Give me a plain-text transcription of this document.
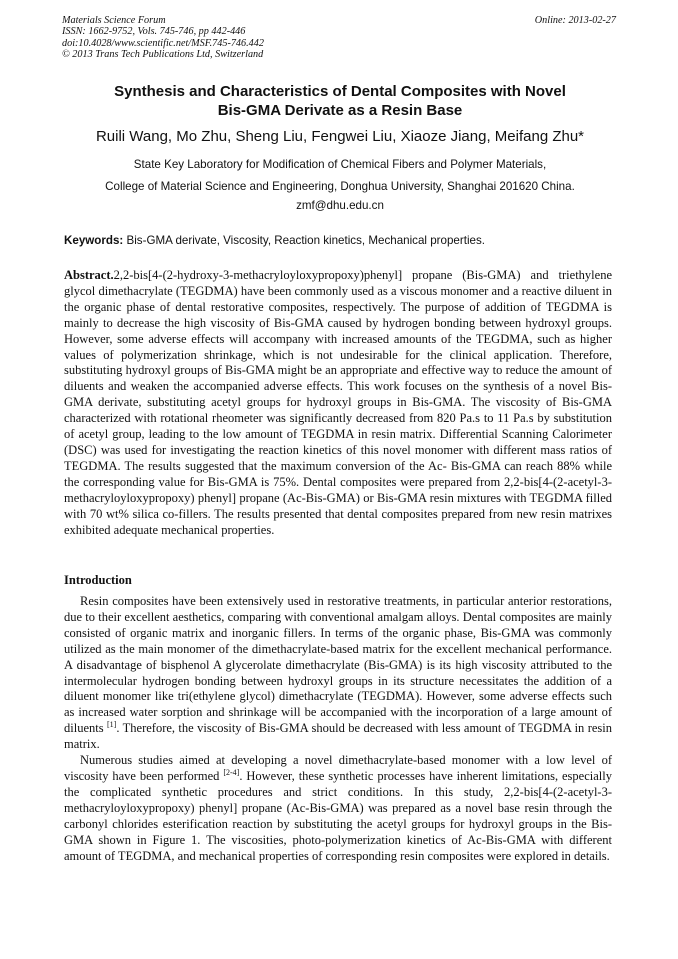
Materials Science Forum
ISSN: 1662-9752, Vols. 745-746, pp 442-446
doi:10.4028/www.scientific.net/MSF.745-746.442
© 2013 Trans Tech Publications Ltd, Switzerland
Online: 2013-02-27
Synthesis and Characteristics of Dental Composites with Novel
Bis-GMA Derivate as a Resin Base
Ruili Wang, Mo Zhu, Sheng Liu, Fengwei Liu, Xiaoze Jiang, Meifang Zhu*
State Key Laboratory for Modification of Chemical Fibers and Polymer Materials,
College of Material Science and Engineering, Donghua University, Shanghai 201620 China.
zmf@dhu.edu.cn
Keywords: Bis-GMA derivate, Viscosity, Reaction kinetics, Mechanical properties.
Abstract.2,2-bis[4-(2-hydroxy-3-methacryloyloxypropoxy)phenyl] propane (Bis-GMA) and triethylene glycol dimethacrylate (TEGDMA) have been commonly used as a viscous monomer and a reactive diluent in the organic phase of dental restorative composites, respectively. The purpose of addition of TEGDMA is mainly to decrease the high viscosity of Bis-GMA caused by hydrogen bonding between hydroxyl groups. However, some adverse effects will accompany with increased amounts of the TEGDMA, such as higher values of polymerization shrinkage, which is not undesirable for the clinical application. Therefore, substituting hydroxyl groups of Bis-GMA might be an appropriate and effective way to reduce the amount of diluents and weaken the accompanied adverse effects. This work focuses on the synthesis of a novel Bis-GMA derivate, substituting acetyl groups for hydroxyl groups in Bis-GMA. The viscosity of Bis-GMA characterized with rotational rheometer was significantly decreased from 820 Pa.s to 11 Pa.s by substitution of acetyl group, leading to the low amount of TEGDMA in resin matrix. Differential Scanning Calorimeter (DSC) was used for investigating the reaction kinetics of this novel monomer with different mass ratios of TEGDMA. The results suggested that the maximum conversion of the Ac- Bis-GMA can reach 88% while the corresponding value for Bis-GMA is 75%. Dental composites were prepared from 2,2-bis[4-(2-acetyl-3-methacryloyloxypropoxy) phenyl] propane (Ac-Bis-GMA) or Bis-GMA resin mixtures with TEGDMA filled with 70 wt% silica co-fillers. The results presented that dental composites prepared from new resin matrixes exhibited adequate mechanical properties.
Introduction

Resin composites have been extensively used in restorative treatments, in particular anterior restorations, due to their excellent aesthetics, comparing with conventional amalgam alloys. Dental composites are mainly consisted of organic matrix and inorganic fillers. In terms of the organic phase, Bis-GMA was commonly utilized as the main monomer of the dimethacrylate-based matrix for the excellent mechanical performance. A disadvantage of bisphenol A glycerolate dimethacrylate (Bis-GMA) is its high viscosity attributed to the intermolecular hydrogen bonding between hydroxyl groups in its structure necessitates the addition of a diluent monomer like tri(ethylene glycol) dimethacrylate (TEGDMA). However, some adverse effects such as increased water sorption and shrinkage will be accompanied with the incorporation of a large amount of diluents [1]. Therefore, the viscosity of Bis-GMA should be decreased with less amount of TEGDMA in resin matrix.

Numerous studies aimed at developing a novel dimethacrylate-based monomer with a low level of viscosity have been performed [2-4]. However, these synthetic processes have inherent limitations, especially the complicated synthetic procedures and strict conditions. In this study, 2,2-bis[4-(2-acetyl-3-methacryloyloxypropoxy) phenyl] propane (Ac-Bis-GMA) was prepared as a novel base resin through the carbonyl chlorides esterification reaction by substituting the acetyl groups for hydroxyl groups in the Bis-GMA shown in Figure 1. The viscosities, photo-polymerization kinetics of Ac-Bis-GMA with different amount of TEGDMA, and mechanical properties of corresponding resin composites were explored in details.
